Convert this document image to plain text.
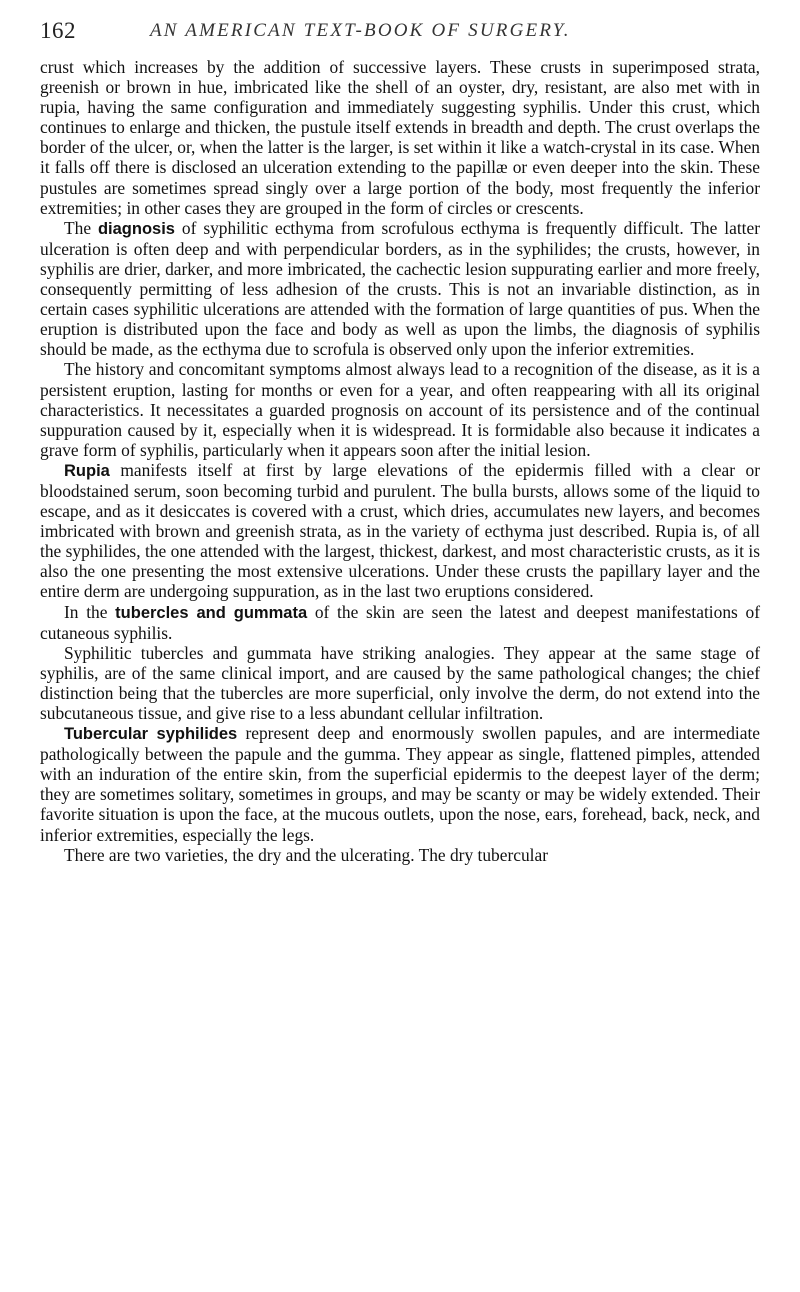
162	AN AMERICAN TEXT-BOOK OF SURGERY.

crust which increases by the addition of successive layers. These crusts in superimposed strata, greenish or brown in hue, imbricated like the shell of an oyster, dry, resistant, are also met with in rupia, having the same configuration and immediately suggesting syphilis. Under this crust, which continues to enlarge and thicken, the pustule itself extends in breadth and depth. The crust overlaps the border of the ulcer, or, when the latter is the larger, is set within it like a watch-crystal in its case. When it falls off there is disclosed an ulceration extending to the papillæ or even deeper into the skin. These pustules are sometimes spread singly over a large portion of the body, most frequently the inferior extremities; in other cases they are grouped in the form of circles or crescents.

The diagnosis of syphilitic ecthyma from scrofulous ecthyma is frequently difficult. The latter ulceration is often deep and with perpendicular borders, as in the syphilides; the crusts, however, in syphilis are drier, darker, and more imbricated, the cachectic lesion suppurating earlier and more freely, consequently permitting of less adhesion of the crusts. This is not an invariable distinction, as in certain cases syphilitic ulcerations are attended with the formation of large quantities of pus. When the eruption is distributed upon the face and body as well as upon the limbs, the diagnosis of syphilis should be made, as the ecthyma due to scrofula is observed only upon the inferior extremities.

The history and concomitant symptoms almost always lead to a recognition of the disease, as it is a persistent eruption, lasting for months or even for a year, and often reappearing with all its original characteristics. It necessitates a guarded prognosis on account of its persistence and of the continual suppuration caused by it, especially when it is widespread. It is formidable also because it indicates a grave form of syphilis, particularly when it appears soon after the initial lesion.

Rupia manifests itself at first by large elevations of the epidermis filled with a clear or bloodstained serum, soon becoming turbid and purulent. The bulla bursts, allows some of the liquid to escape, and as it desiccates is covered with a crust, which dries, accumulates new layers, and becomes imbricated with brown and greenish strata, as in the variety of ecthyma just described. Rupia is, of all the syphilides, the one attended with the largest, thickest, darkest, and most characteristic crusts, as it is also the one presenting the most extensive ulcerations. Under these crusts the papillary layer and the entire derm are undergoing suppuration, as in the last two eruptions considered.

In the tubercles and gummata of the skin are seen the latest and deepest manifestations of cutaneous syphilis.

Syphilitic tubercles and gummata have striking analogies. They appear at the same stage of syphilis, are of the same clinical import, and are caused by the same pathological changes; the chief distinction being that the tubercles are more superficial, only involve the derm, do not extend into the subcutaneous tissue, and give rise to a less abundant cellular infiltration.

Tubercular syphilides represent deep and enormously swollen papules, and are intermediate pathologically between the papule and the gumma. They appear as single, flattened pimples, attended with an induration of the entire skin, from the superficial epidermis to the deepest layer of the derm; they are sometimes solitary, sometimes in groups, and may be scanty or may be widely extended. Their favorite situation is upon the face, at the mucous outlets, upon the nose, ears, forehead, back, neck, and inferior extremities, especially the legs.

There are two varieties, the dry and the ulcerating. The dry tubercular
